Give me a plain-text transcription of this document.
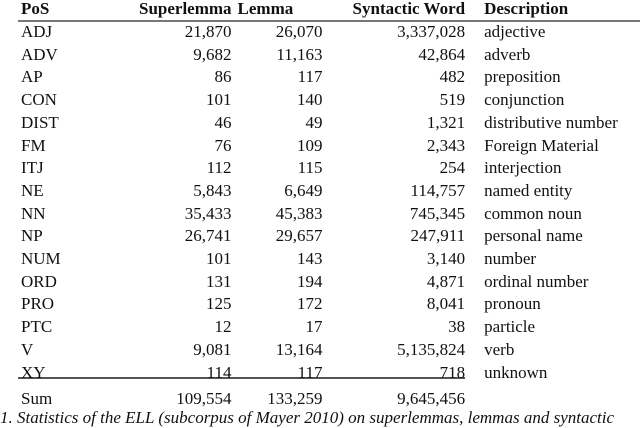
PoS	Superlemma	Lemma	Syntactic Word	Description
ADJ	21,870	26,070	3,337,028	adjective
ADV	9,682	11,163	42,864	adverb
AP	86	117	482	preposition
CON	101	140	519	conjunction
DIST	46	49	1,321	distributive number
FM	76	109	2,343	Foreign Material
ITJ	112	115	254	interjection
NE	5,843	6,649	114,757	named entity
NN	35,433	45,383	745,345	common noun
NP	26,741	29,657	247,911	personal name
NUM	101	143	3,140	number
ORD	131	194	4,871	ordinal number
PRO	125	172	8,041	pronoun
PTC	12	17	38	particle
V	9,081	13,164	5,135,824	verb
XY	114	117	718	unknown
Sum	109,554	133,259	9,645,456	
1. Statistics of the ELL (subcorpus of Mayer 2010) on superlemmas, lemmas and syntactic
